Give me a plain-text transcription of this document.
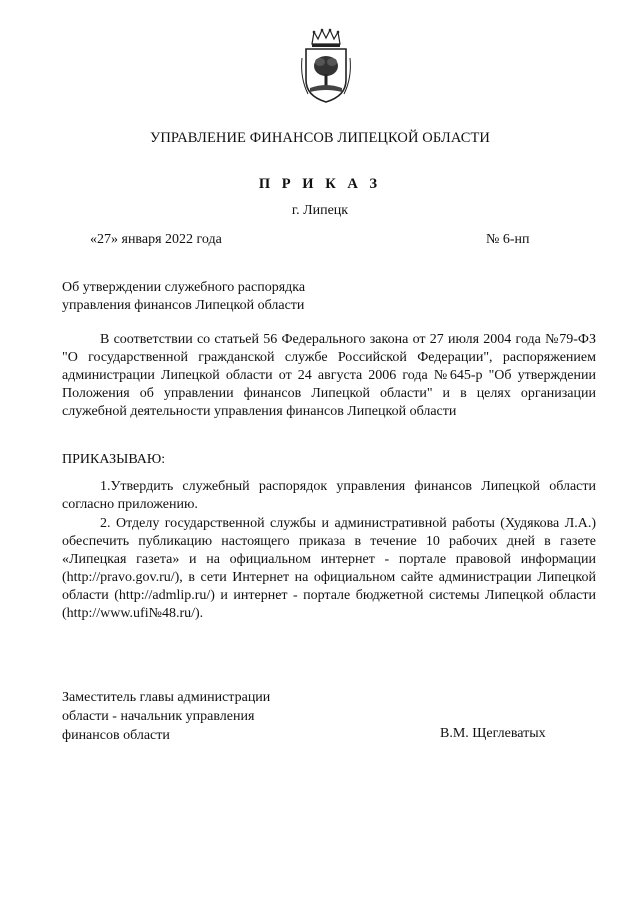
УПРАВЛЕНИЕ ФИНАНСОВ ЛИПЕЦКОЙ ОБЛАСТИ
П Р И К А З
г. Липецк
«27» января 2022 года	№ 6-нп
Об утверждении служебного распорядка
управления финансов Липецкой области
В соответствии со статьей 56 Федерального закона от 27 июля 2004 года №79-ФЗ "О государственной гражданской службе Российской Федерации", распоряжением администрации Липецкой области от 24 августа 2006 года №645-р "Об утверждении Положения об управлении финансов Липецкой области" и в целях организации служебной деятельности управления финансов Липецкой области
ПРИКАЗЫВАЮ:
1.Утвердить служебный распорядок управления финансов Липецкой области согласно приложению.
2. Отделу государственной службы и административной работы (Худякова Л.А.) обеспечить публикацию настоящего приказа в течение 10 рабочих дней в газете «Липецкая газета» и на официальном интернет - портале правовой информации (http://pravo.gov.ru/), в сети Интернет на официальном сайте администрации Липецкой области (http://admlip.ru/) и интернет - портале бюджетной системы Липецкой области (http://www.ufi№48.ru/).
Заместитель главы администрации
области - начальник управления
финансов области	В.М. Щеглеватых
